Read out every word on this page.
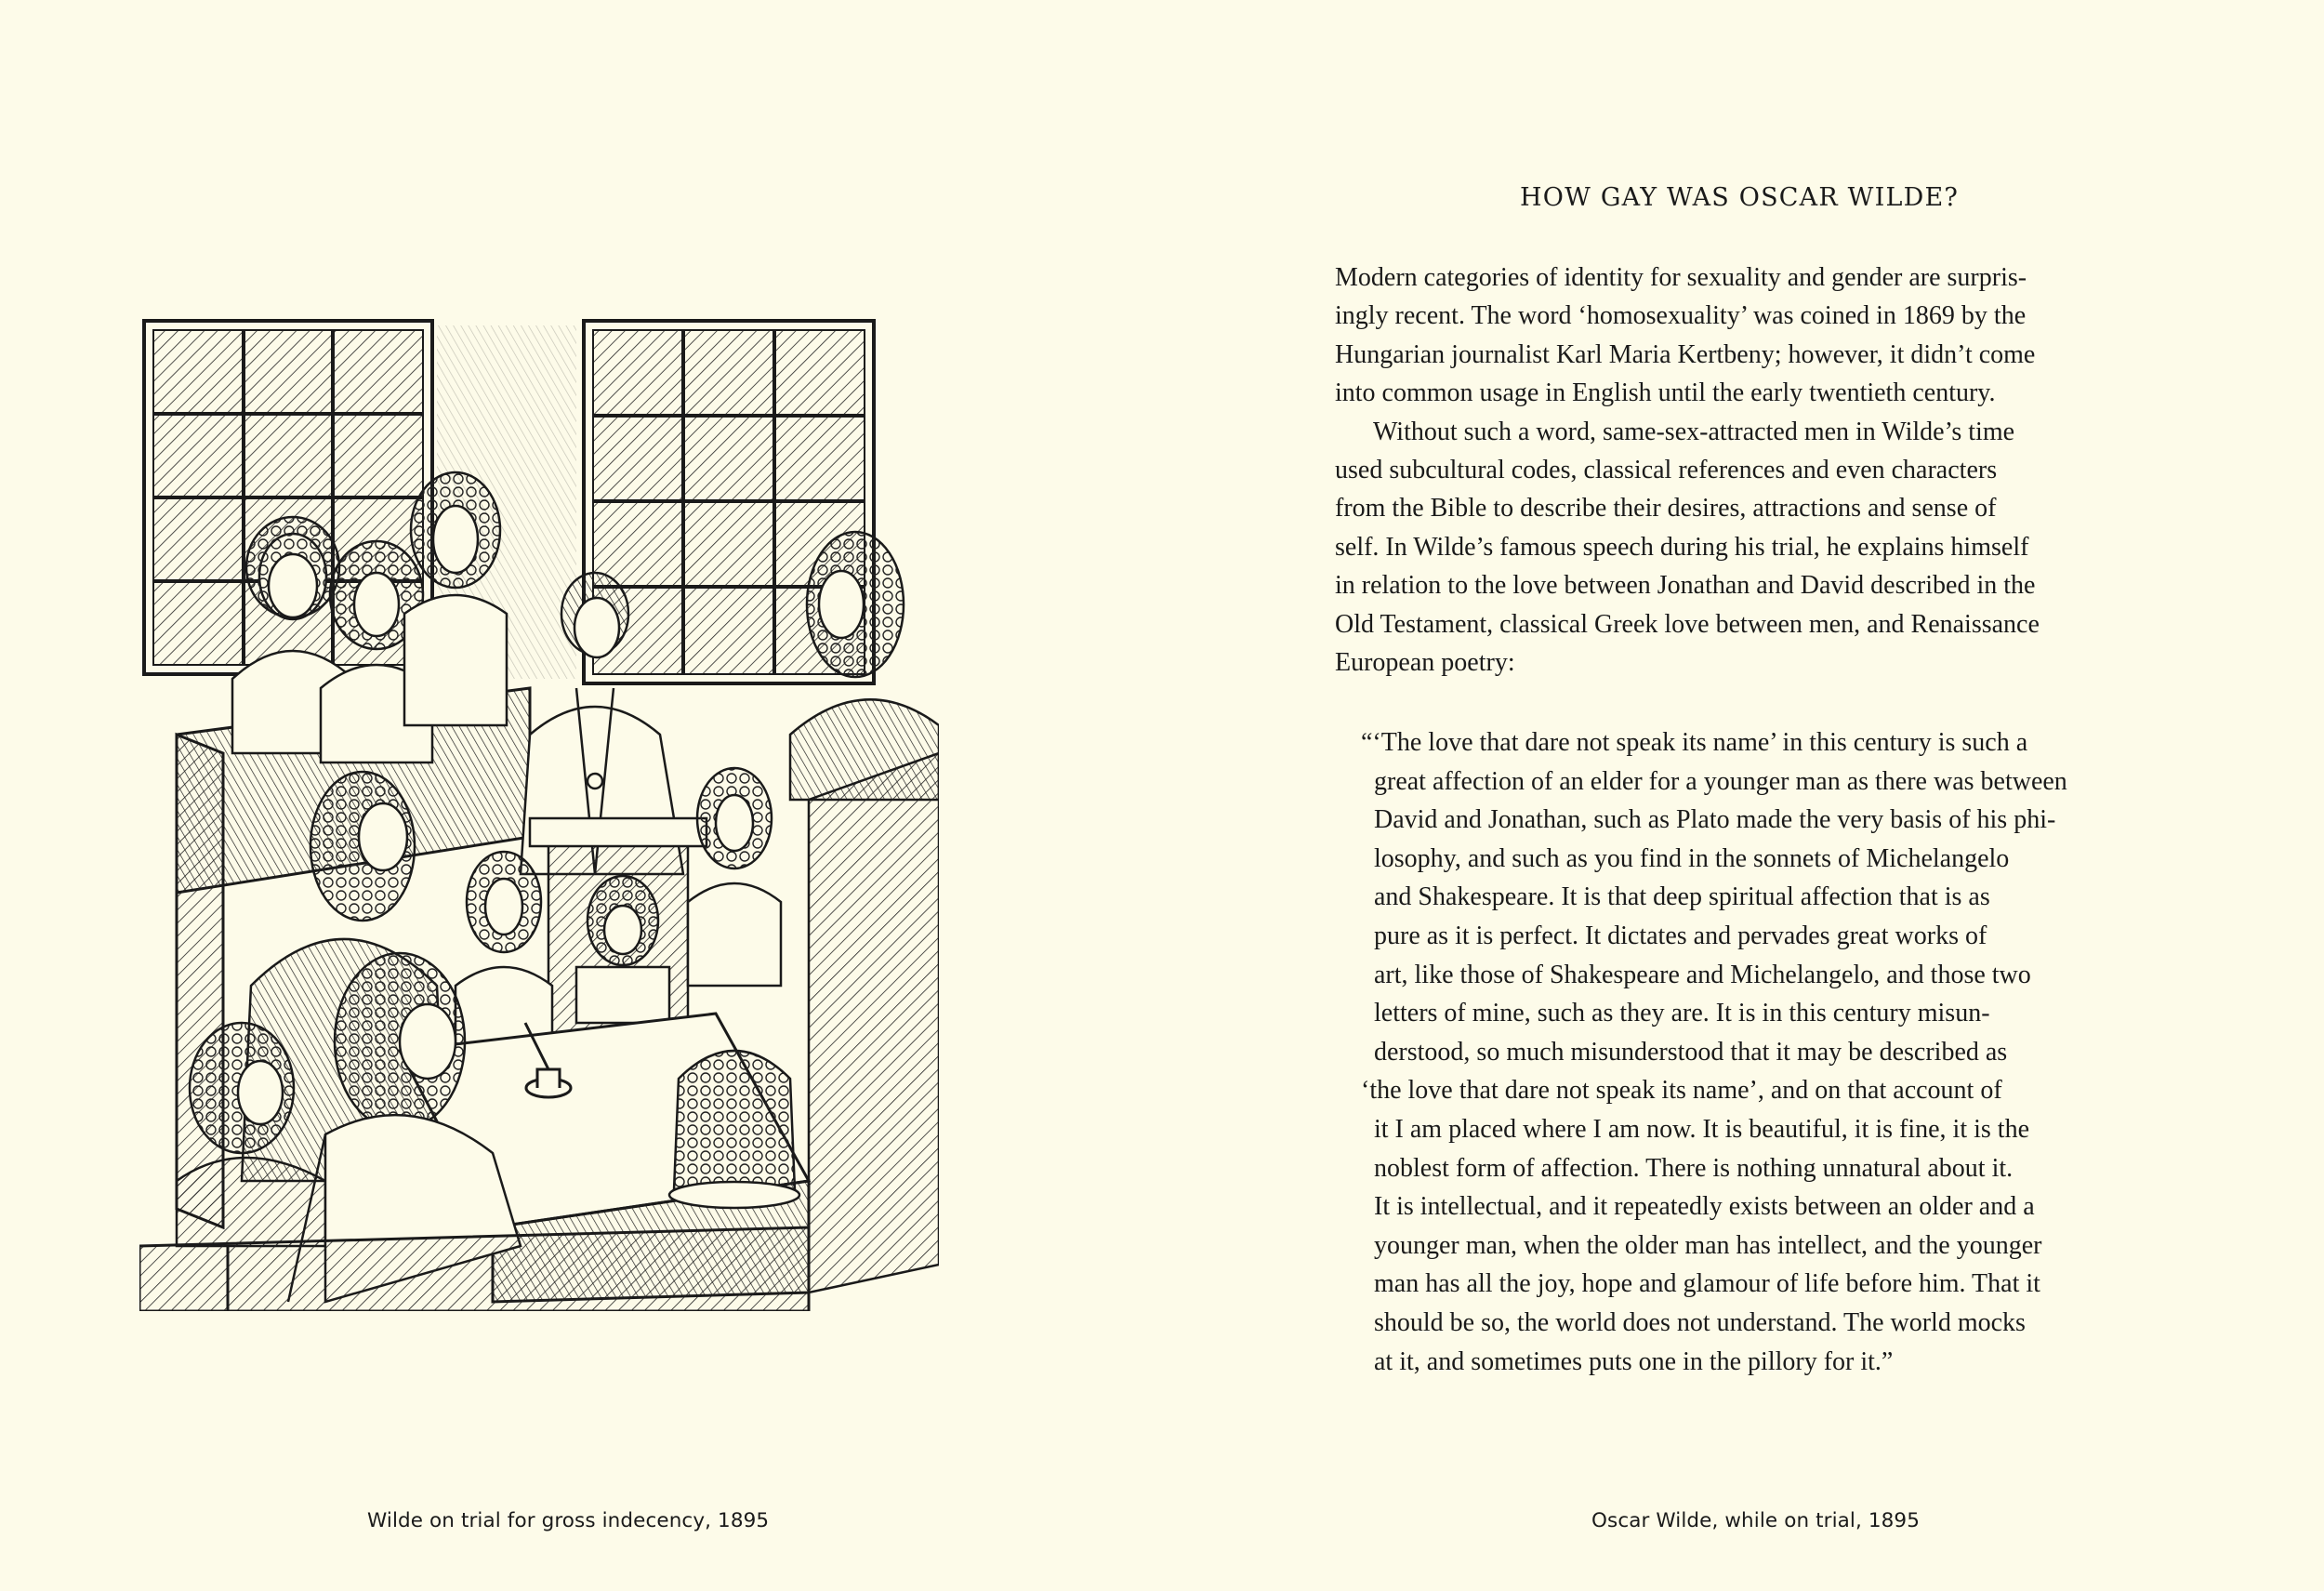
Wilde on trial for gross indecency, 1895
HOW GAY WAS OSCAR WILDE?
Modern categories of identity for sexuality and gender are surpris-
ingly recent. The word ‘homosexuality’ was coined in 1869 by the
Hungarian journalist Karl Maria Kertbeny; however, it didn’t come
into common usage in English until the early twentieth century.
Without such a word, same-sex-attracted men in Wilde’s time
used subcultural codes, classical references and even characters
from the Bible to describe their desires, attractions and sense of
self. In Wilde’s famous speech during his trial, he explains himself
in relation to the love between Jonathan and David described in the
Old Testament, classical Greek love between men, and Renaissance
European poetry:
“‘The love that dare not speak its name’ in this century is such a
great affection of an elder for a younger man as there was between
David and Jonathan, such as Plato made the very basis of his phi-
losophy, and such as you find in the sonnets of Michelangelo
and Shakespeare. It is that deep spiritual affection that is as
pure as it is perfect. It dictates and pervades great works of
art, like those of Shakespeare and Michelangelo, and those two
letters of mine, such as they are. It is in this century misun-
derstood, so much misunderstood that it may be described as
‘the love that dare not speak its name’, and on that account of
it I am placed where I am now. It is beautiful, it is fine, it is the
noblest form of affection. There is nothing unnatural about it.
It is intellectual, and it repeatedly exists between an older and a
younger man, when the older man has intellect, and the younger
man has all the joy, hope and glamour of life before him. That it
should be so, the world does not understand. The world mocks
at it, and sometimes puts one in the pillory for it.”
Oscar Wilde, while on trial, 1895
